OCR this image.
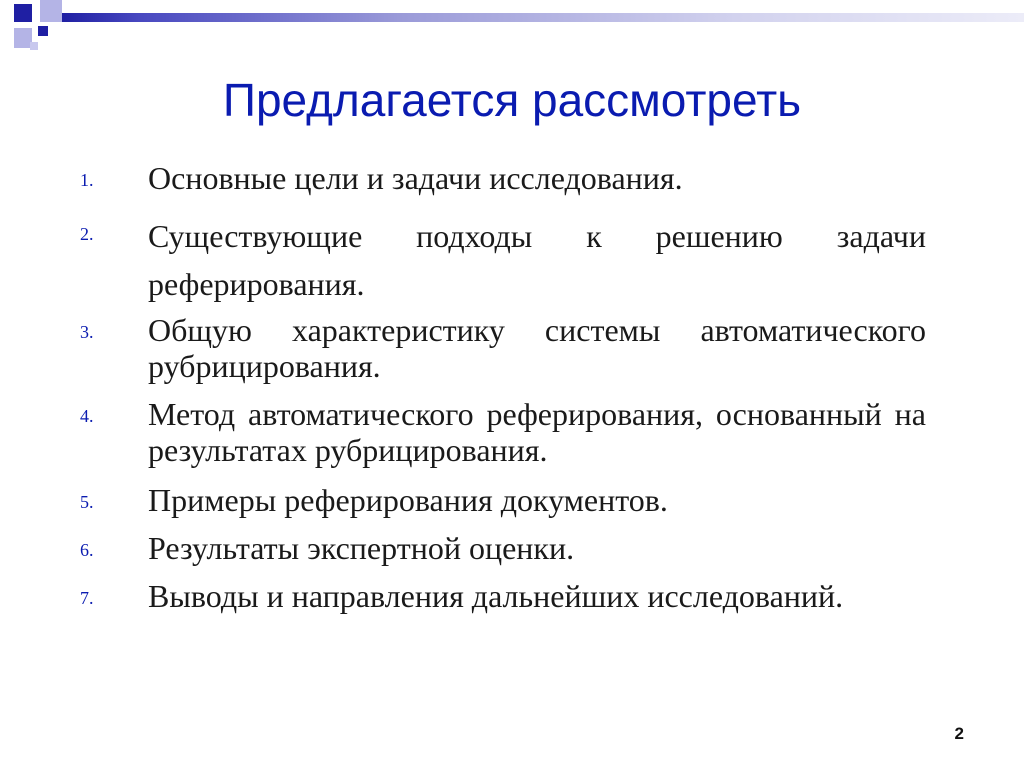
Предлагается рассмотреть
1.	Основные цели и задачи исследования.

2.	Существующие подходы к решению задачи реферирования.

3.	Общую характеристику системы автоматического рубрицирования.

4.	Метод автоматического реферирования, основанный на результатах рубрицирования.

5.	Примеры реферирования документов.

6.	Результаты экспертной оценки.

7.	Выводы и направления дальнейших исследований.

2
